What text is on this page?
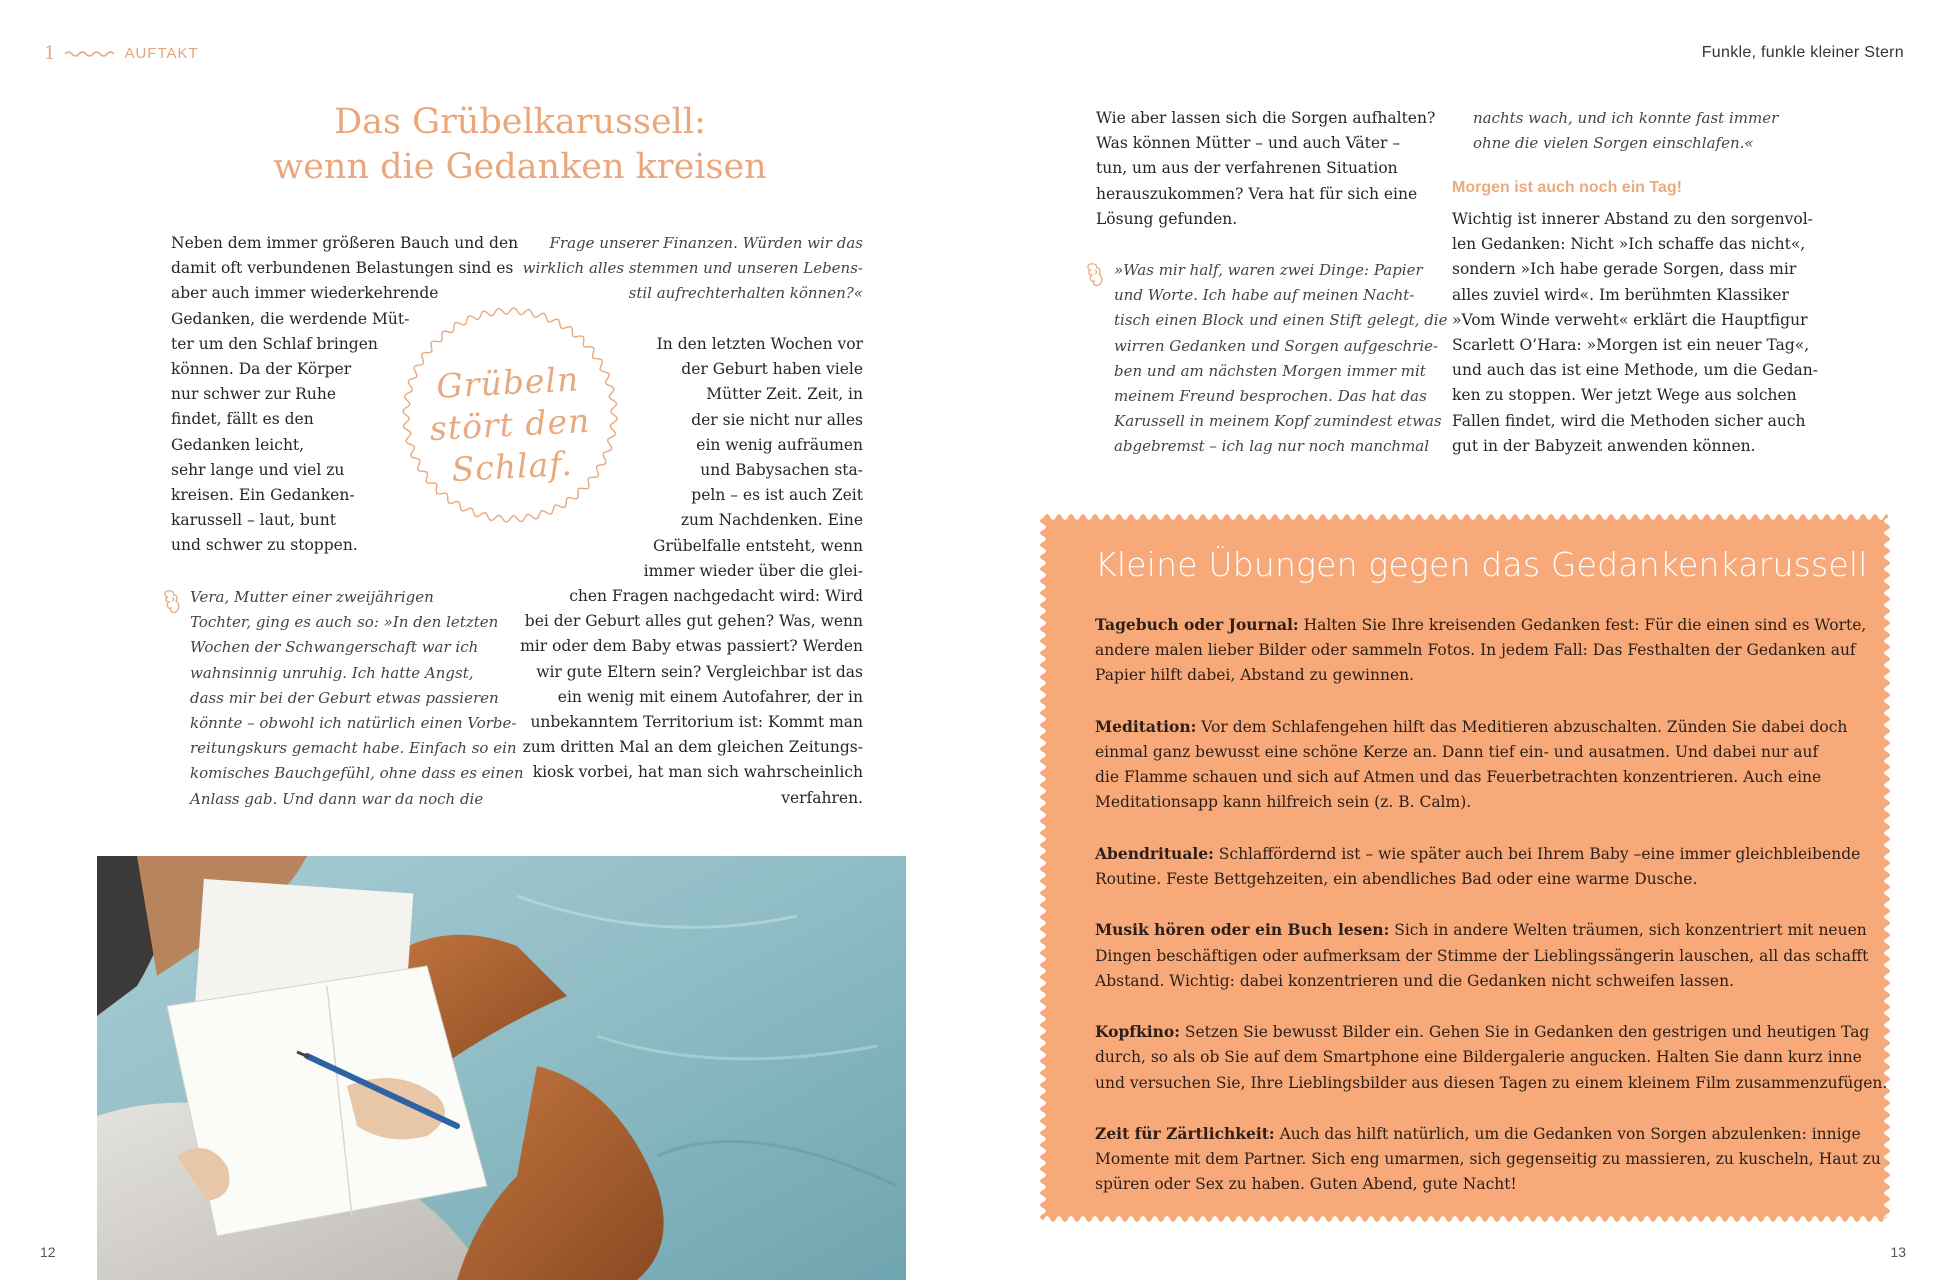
1	AUFTAKT	Funkle, funkle kleiner Stern
12	13
Das Grübelkarussell:
wenn die Gedanken kreisen
Neben dem immer größeren Bauch und den
damit oft verbundenen Belastungen sind es
aber auch immer wiederkehrende
Gedanken, die werdende Müt-
ter um den Schlaf bringen
können. Da der Körper
nur schwer zur Ruhe
findet, fällt es den
Gedanken leicht,
sehr lange und viel zu
kreisen. Ein Gedanken-
karussell – laut, bunt
und schwer zu stoppen.
Vera, Mutter einer zweijährigen
Tochter, ging es auch so: »In den letzten
Wochen der Schwangerschaft war ich
wahnsinnig unruhig. Ich hatte Angst,
dass mir bei der Geburt etwas passieren
könnte – obwohl ich natürlich einen Vorbe-
reitungskurs gemacht habe. Einfach so ein
komisches Bauchgefühl, ohne dass es einen
Anlass gab. Und dann war da noch die
Frage unserer Finanzen. Würden wir das
wirklich alles stemmen und unseren Lebens-
stil aufrechterhalten können?«
In den letzten Wochen vor
der Geburt haben viele
Mütter Zeit. Zeit, in
der sie nicht nur alles
ein wenig aufräumen
und Babysachen sta-
peln – es ist auch Zeit
zum Nachdenken. Eine
Grübelfalle entsteht, wenn
immer wieder über die glei-
chen Fragen nachgedacht wird: Wird
bei der Geburt alles gut gehen? Was, wenn
mir oder dem Baby etwas passiert? Werden
wir gute Eltern sein? Vergleichbar ist das
ein wenig mit einem Autofahrer, der in
unbekanntem Territorium ist: Kommt man
zum dritten Mal an dem gleichen Zeitungs-
kiosk vorbei, hat man sich wahrscheinlich
verfahren.
Grübeln
stört den
Schlaf.
Wie aber lassen sich die Sorgen aufhalten?
Was können Mütter – und auch Väter –
tun, um aus der verfahrenen Situation
herauszukommen? Vera hat für sich eine
Lösung gefunden.
»Was mir half, waren zwei Dinge: Papier
und Worte. Ich habe auf meinen Nacht-
tisch einen Block und einen Stift gelegt, die
wirren Gedanken und Sorgen aufgeschrie-
ben und am nächsten Morgen immer mit
meinem Freund besprochen. Das hat das
Karussell in meinem Kopf zumindest etwas
abgebremst – ich lag nur noch manchmal
nachts wach, und ich konnte fast immer
ohne die vielen Sorgen einschlafen.«
Morgen ist auch noch ein Tag!
Wichtig ist innerer Abstand zu den sorgenvol-
len Gedanken: Nicht »Ich schaffe das nicht«,
sondern »Ich habe gerade Sorgen, dass mir
alles zuviel wird«. Im berühmten Klassiker
»Vom Winde verweht« erklärt die Hauptfigur
Scarlett O’Hara: »Morgen ist ein neuer Tag«,
und auch das ist eine Methode, um die Gedan-
ken zu stoppen. Wer jetzt Wege aus solchen
Fallen findet, wird die Methoden sicher auch
gut in der Babyzeit anwenden können.
Kleine Übungen gegen das Gedankenkarussell
Tagebuch oder Journal: Halten Sie Ihre kreisenden Gedanken fest: Für die einen sind es Worte,
andere malen lieber Bilder oder sammeln Fotos. In jedem Fall: Das Festhalten der Gedanken auf
Papier hilft dabei, Abstand zu gewinnen.
Meditation: Vor dem Schlafengehen hilft das Meditieren abzuschalten. Zünden Sie dabei doch
einmal ganz bewusst eine schöne Kerze an. Dann tief ein- und ausatmen. Und dabei nur auf
die Flamme schauen und sich auf Atmen und das Feuerbetrachten konzentrieren. Auch eine
Meditationsapp kann hilfreich sein (z. B. Calm).
Abendrituale: Schlaffördernd ist – wie später auch bei Ihrem Baby –eine immer gleichbleibende
Routine. Feste Bettgehzeiten, ein abendliches Bad oder eine warme Dusche.
Musik hören oder ein Buch lesen: Sich in andere Welten träumen, sich konzentriert mit neuen
Dingen beschäftigen oder aufmerksam der Stimme der Lieblingssängerin lauschen, all das schafft
Abstand. Wichtig: dabei konzentrieren und die Gedanken nicht schweifen lassen.
Kopfkino: Setzen Sie bewusst Bilder ein. Gehen Sie in Gedanken den gestrigen und heutigen Tag
durch, so als ob Sie auf dem Smartphone eine Bildergalerie angucken. Halten Sie dann kurz inne
und versuchen Sie, Ihre Lieblingsbilder aus diesen Tagen zu einem kleinem Film zusammenzufügen.
Zeit für Zärtlichkeit: Auch das hilft natürlich, um die Gedanken von Sorgen abzulenken: innige
Momente mit dem Partner. Sich eng umarmen, sich gegenseitig zu massieren, zu kuscheln, Haut zu
spüren oder Sex zu haben. Guten Abend, gute Nacht!
